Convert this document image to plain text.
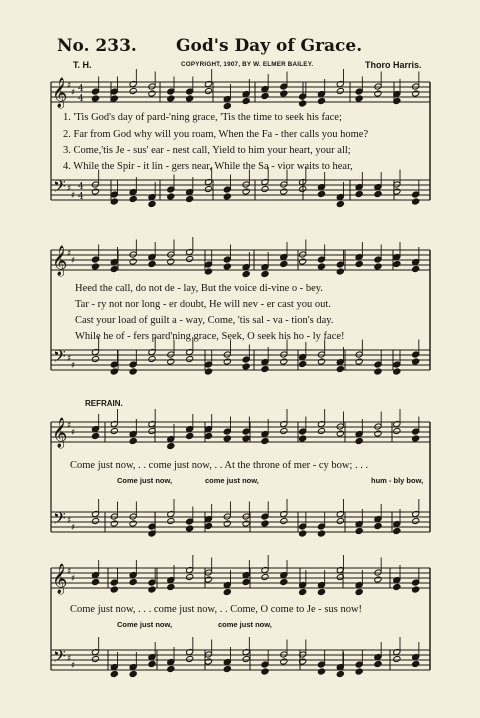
No. 233. God's Day of Grace.
T. H.	COPYRIGHT, 1907, BY W. ELMER BAILEY.	Thoro Harris.
𝄞
𝄢
♯
♯
♯
♯
4
4
4
4
𝄞
𝄢
♯
♯
♯
♯
𝄞
𝄢
♯
♯
♯
♯
𝄞
𝄢
♯
♯
♯
♯
1. 'Tis God's day of pard-'ning grace, 'Tis the time to seek his face;
2. Far from God why will you roam, When the Fa - ther calls you home?
3. Come,'tis Je - sus' ear - nest call, Yield to him your heart, your all;
4. While the Spir - it lin - gers near, While the Sa - vior waits to hear,
Heed the call, do not de - lay, But the voice di-vine o - bey.
Tar - ry not nor long - er doubt, He will nev - er cast you out.
Cast your load of guilt a - way, Come, 'tis sal - va - tion's day.
While he of - fers pard'ning grace, Seek, O seek his ho - ly face!
REFRAIN.
Come just now, . . come just now, . . At the throne of mer - cy bow; . . .
Come just now,	come just now,	hum - bly bow,
Come just now, . . . come just now, . . Come, O come to Je - sus now!
Come just now,	come just now,
